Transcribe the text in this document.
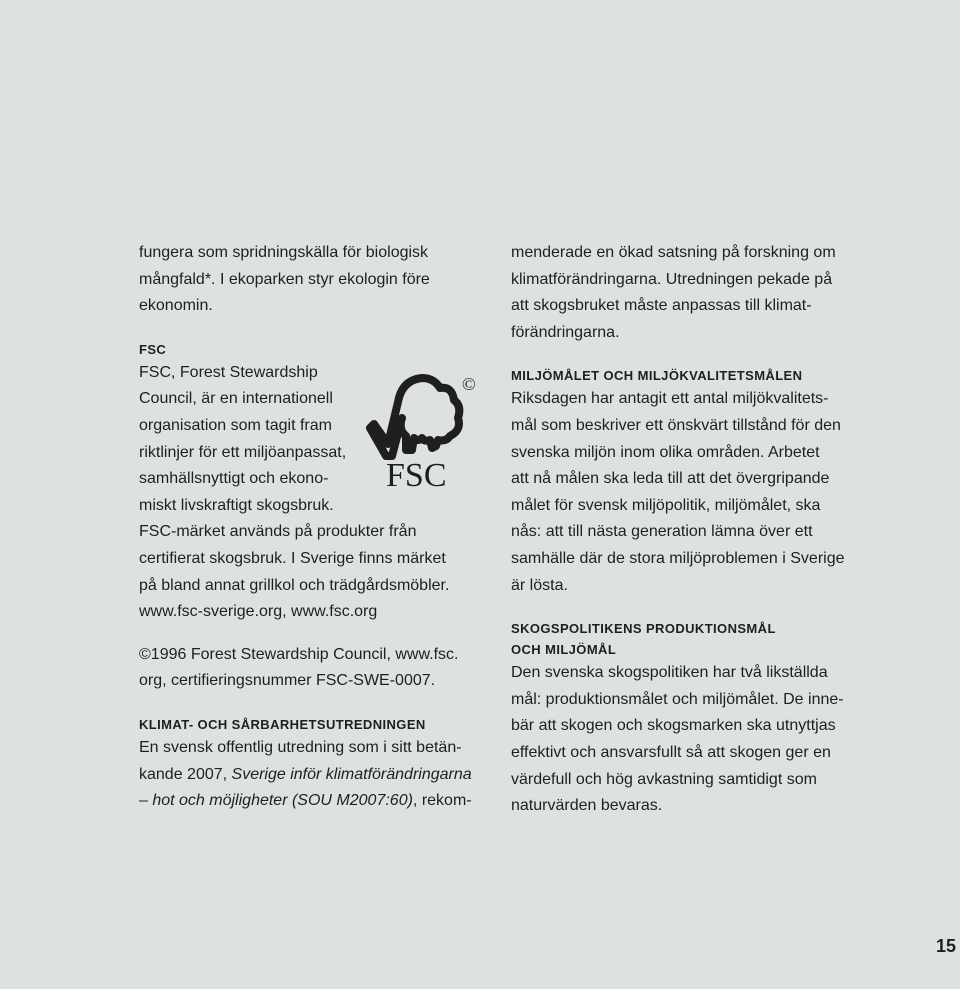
fungera som spridningskälla för biologisk
mångfald*. I ekoparken styr ekologin före
ekonomin.
FSC
FSC, Forest Stewardship
Council, är en internationell
organisation som tagit fram
riktlinjer för ett miljöanpassat,
samhällsnyttigt och ekono-
miskt livskraftigt skogsbruk.
FSC-märket används på produkter från
certifierat skogsbruk. I Sverige finns märket
på bland annat grillkol och trädgårdsmöbler.
www.fsc-sverige.org, www.fsc.org
©1996 Forest Stewardship Council, www.fsc.
org, certifieringsnummer FSC-SWE-0007.
KLIMAT- OCH SÅRBARHETSUTREDNINGEN
En svensk offentlig utredning som i sitt betän-
kande 2007, Sverige inför klimatförändringarna
– hot och möjligheter (SOU M2007:60), rekom-
©
FSC
menderade en ökad satsning på forskning om
klimatförändringarna. Utredningen pekade på
att skogsbruket måste anpassas till klimat-
förändringarna.
MILJÖMÅLET OCH MILJÖKVALITETSMÅLEN
Riksdagen har antagit ett antal miljökvalitets-
mål som beskriver ett önskvärt tillstånd för den
svenska miljön inom olika områden. Arbetet
att nå målen ska leda till att det övergripande
målet för svensk miljöpolitik, miljömålet, ska
nås: att till nästa generation lämna över ett
samhälle där de stora miljöproblemen i Sverige
är lösta.
SKOGSPOLITIKENS PRODUKTIONSMÅL
OCH MILJÖMÅL
Den svenska skogspolitiken har två likställda
mål: produktionsmålet och miljömålet. De inne-
bär att skogen och skogsmarken ska utnyttjas
effektivt och ansvarsfullt så att skogen ger en
värdefull och hög avkastning samtidigt som
naturvärden bevaras.
15
